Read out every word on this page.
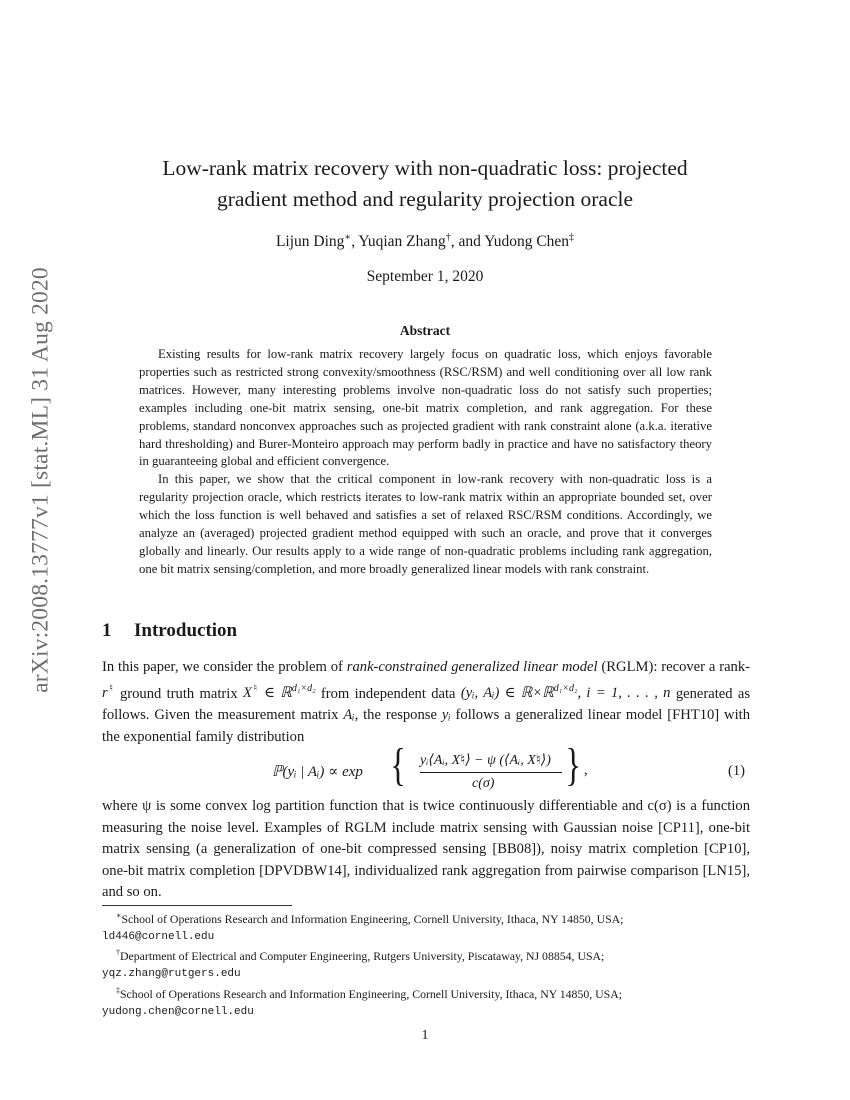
arXiv:2008.13777v1 [stat.ML] 31 Aug 2020
Low-rank matrix recovery with non-quadratic loss: projected
gradient method and regularity projection oracle
Lijun Ding∗, Yuqian Zhang†, and Yudong Chen‡
September 1, 2020
Abstract

Existing results for low-rank matrix recovery largely focus on quadratic loss, which enjoys favorable properties such as restricted strong convexity/smoothness (RSC/RSM) and well conditioning over all low rank matrices. However, many interesting problems involve non-quadratic loss do not satisfy such properties; examples including one-bit matrix sensing, one-bit matrix completion, and rank aggregation. For these problems, standard nonconvex approaches such as projected gradient with rank constraint alone (a.k.a. iterative hard thresholding) and Burer-Monteiro approach may perform badly in practice and have no satisfactory theory in guaranteeing global and efficient convergence.

In this paper, we show that the critical component in low-rank recovery with non-quadratic loss is a regularity projection oracle, which restricts iterates to low-rank matrix within an appropriate bounded set, over which the loss function is well behaved and satisfies a set of relaxed RSC/RSM conditions. Accordingly, we analyze an (averaged) projected gradient method equipped with such an oracle, and prove that it converges globally and linearly. Our results apply to a wide range of non-quadratic problems including rank aggregation, one bit matrix sensing/completion, and more broadly generalized linear models with rank constraint.

1 Introduction

In this paper, we consider the problem of rank-constrained generalized linear model (RGLM): recover a rank-r♮ ground truth matrix X♮ ∈ ℝ$^{d_1\times d_2}$ from independent data (yᵢ, Aᵢ) ∈ ℝ×ℝ$^{d_1\times d_2}$, i = 1, . . . , n generated as follows. Given the measurement matrix Aᵢ, the response yᵢ follows a generalized linear model [FHT10] with the exponential family distribution

ℙ(yᵢ | Aᵢ) ∝ exp { yᵢ⟨Aᵢ, X♮⟩ − ψ (⟨Aᵢ, X♮⟩)
c(σ) } ,	(1)

where ψ is some convex log partition function that is twice continuously differentiable and c(σ) is a function measuring the noise level. Examples of RGLM include matrix sensing with Gaussian noise [CP11], one-bit matrix sensing (a generalization of one-bit compressed sensing [BB08]), noisy matrix completion [CP10], one-bit matrix completion [DPVDBW14], individualized rank aggregation from pairwise comparison [LN15], and so on.

∗School of Operations Research and Information Engineering, Cornell University, Ithaca, NY 14850, USA;
ld446@cornell.edu

†Department of Electrical and Computer Engineering, Rutgers University, Piscataway, NJ 08854, USA;
yqz.zhang@rutgers.edu

‡School of Operations Research and Information Engineering, Cornell University, Ithaca, NY 14850, USA;
yudong.chen@cornell.edu

1
